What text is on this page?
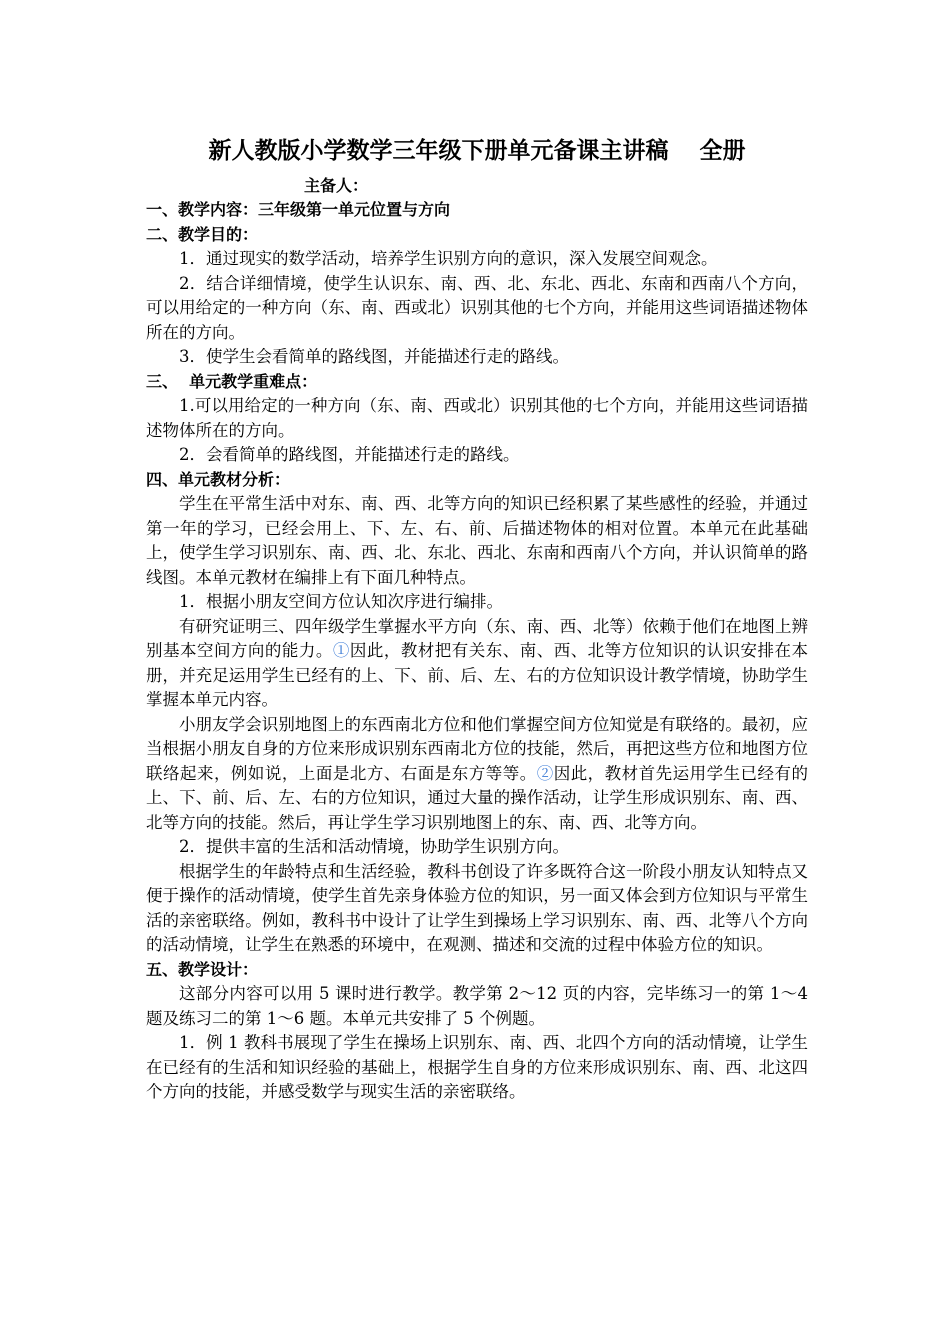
新人教版小学数学三年级下册单元备课主讲稿　 全册
主备人：
一、教学内容：三年级第一单元位置与方向
二、教学目的：

1．通过现实的数学活动，培养学生识别方向的意识，深入发展空间观念。

2．结合详细情境，使学生认识东、南、西、北、东北、西北、东南和西南八个方向，可以用给定的一种方向（东、南、西或北）识别其他的七个方向，并能用这些词语描述物体所在的方向。

3．使学生会看简单的路线图，并能描述行走的路线。

三、  单元教学重难点：

1.可以用给定的一种方向（东、南、西或北）识别其他的七个方向，并能用这些词语描述物体所在的方向。

2．会看简单的路线图，并能描述行走的路线。

四、单元教材分析：

学生在平常生活中对东、南、西、北等方向的知识已经积累了某些感性的经验，并通过第一年的学习，已经会用上、下、左、右、前、后描述物体的相对位置。本单元在此基础上，使学生学习识别东、南、西、北、东北、西北、东南和西南八个方向，并认识简单的路线图。本单元教材在编排上有下面几种特点。

1．根据小朋友空间方位认知次序进行编排。

有研究证明三、四年级学生掌握水平方向（东、南、西、北等）依赖于他们在地图上辨别基本空间方向的能力。①因此，教材把有关东、南、西、北等方位知识的认识安排在本册，并充足运用学生已经有的上、下、前、后、左、右的方位知识设计教学情境，协助学生掌握本单元内容。

小朋友学会识别地图上的东西南北方位和他们掌握空间方位知觉是有联络的。最初，应当根据小朋友自身的方位来形成识别东西南北方位的技能，然后，再把这些方位和地图方位联络起来，例如说，上面是北方、右面是东方等等。②因此，教材首先运用学生已经有的上、下、前、后、左、右的方位知识，通过大量的操作活动，让学生形成识别东、南、西、北等方向的技能。然后，再让学生学习识别地图上的东、南、西、北等方向。

2．提供丰富的生活和活动情境，协助学生识别方向。

根据学生的年龄特点和生活经验，教科书创设了许多既符合这一阶段小朋友认知特点又便于操作的活动情境，使学生首先亲身体验方位的知识，另一面又体会到方位知识与平常生活的亲密联络。例如，教科书中设计了让学生到操场上学习识别东、南、西、北等八个方向的活动情境，让学生在熟悉的环境中，在观测、描述和交流的过程中体验方位的知识。

五、教学设计：

这部分内容可以用 5 课时进行教学。教学第 2～12 页的内容，完毕练习一的第 1～4 题及练习二的第 1～6 题。本单元共安排了 5 个例题。

1．例 1 教科书展现了学生在操场上识别东、南、西、北四个方向的活动情境，让学生在已经有的生活和知识经验的基础上，根据学生自身的方位来形成识别东、南、西、北这四个方向的技能，并感受数学与现实生活的亲密联络。
